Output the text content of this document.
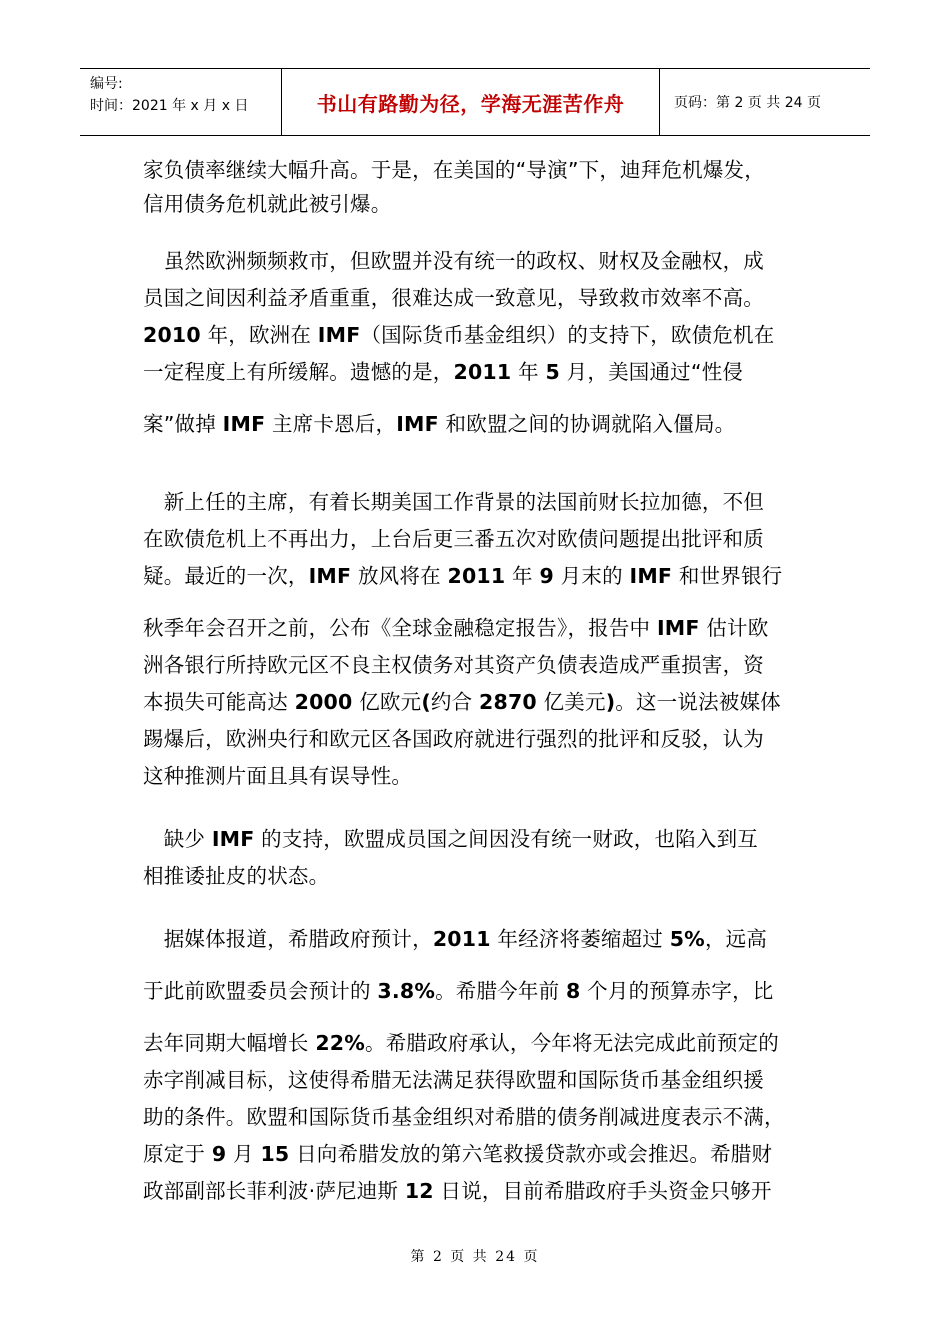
编号:
时间：2021 年 x 月 x 日	书山有路勤为径，学海无涯苦作舟	页码：第 2 页 共 24 页

家负债率继续大幅升高。于是，在美国的“导演”下，迪拜危机爆发，
信用债务危机就此被引爆。

　虽然欧洲频频救市，但欧盟并没有统一的政权、财权及金融权，成
员国之间因利益矛盾重重，很难达成一致意见，导致救市效率不高。
2010 年，欧洲在 IMF（国际货币基金组织）的支持下，欧债危机在
一定程度上有所缓解。遗憾的是，2011 年 5 月，美国通过“性侵
案”做掉 IMF 主席卡恩后，IMF 和欧盟之间的协调就陷入僵局。

　新上任的主席，有着长期美国工作背景的法国前财长拉加德，不但
在欧债危机上不再出力，上台后更三番五次对欧债问题提出批评和质
疑。最近的一次，IMF 放风将在 2011 年 9 月末的 IMF 和世界银行
秋季年会召开之前，公布《全球金融稳定报告》，报告中 IMF 估计欧
洲各银行所持欧元区不良主权债务对其资产负债表造成严重损害，资
本损失可能高达 2000 亿欧元(约合 2870 亿美元)。这一说法被媒体
踢爆后，欧洲央行和欧元区各国政府就进行强烈的批评和反驳，认为
这种推测片面且具有误导性。

　缺少 IMF 的支持，欧盟成员国之间因没有统一财政，也陷入到互
相推诿扯皮的状态。

　据媒体报道，希腊政府预计，2011 年经济将萎缩超过 5%，远高
于此前欧盟委员会预计的 3.8%。希腊今年前 8 个月的预算赤字，比
去年同期大幅增长 22%。希腊政府承认，今年将无法完成此前预定的
赤字削减目标，这使得希腊无法满足获得欧盟和国际货币基金组织援
助的条件。欧盟和国际货币基金组织对希腊的债务削减进度表示不满，
原定于 9 月 15 日向希腊发放的第六笔救援贷款亦或会推迟。希腊财
政部副部长菲利波·萨尼迪斯 12 日说，目前希腊政府手头资金只够开

第 2 页 共 24 页
